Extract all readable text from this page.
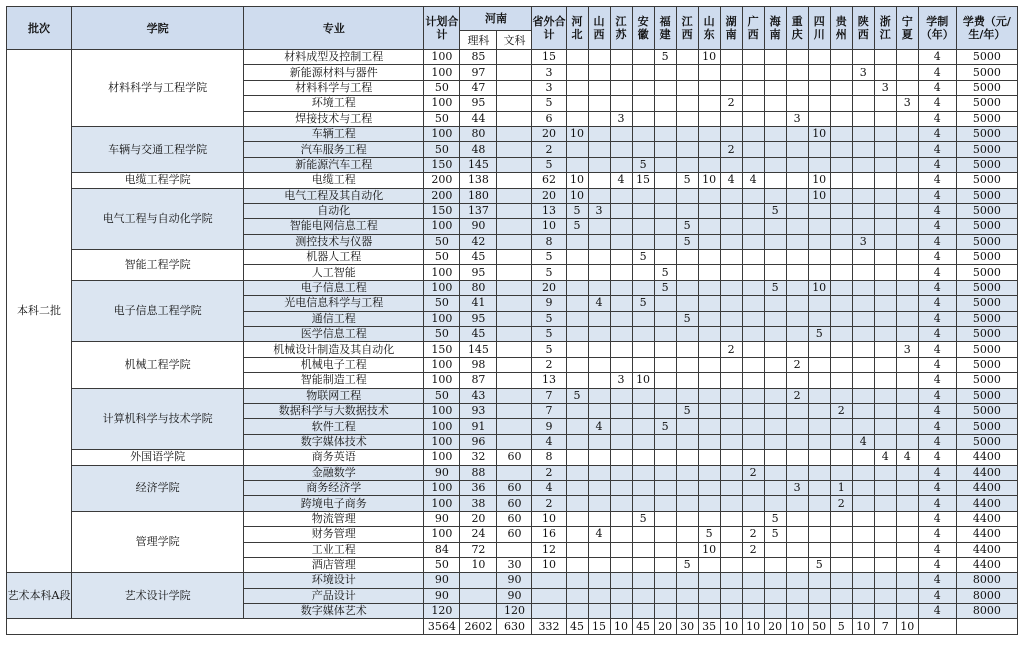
批次	学院	专业	计划合计	河南		省外合计	河北	山西	江苏	安徽	福建	江西	山东	湖南	广西	海南	重庆	四川	贵州	陕西	浙江	宁夏	学制（年）	学费（元/生/年）
				理科	文科																			
本科二批	材料科学与工程学院	材料成型及控制工程	100	85		15					5		10										4	5000
		新能源材料与器件	100	97		3														3			4	5000
		材料科学与工程	50	47		3															3		4	5000
		环境工程	100	95		5								2								3	4	5000
		焊接技术与工程	50	44		6			3								3						4	5000
	车辆与交通工程学院	车辆工程	100	80		20	10											10					4	5000
		汽车服务工程	50	48		2								2									4	5000
		新能源汽车工程	150	145		5				5													4	5000
	电缆工程学院	电缆工程	200	138		62	10		4	15		5	10	4	4			10					4	5000
	电气工程与自动化学院	电气工程及其自动化	200	180		20	10											10					4	5000
		自动化	150	137		13	5	3								5							4	5000
		智能电网信息工程	100	90		10	5					5											4	5000
		测控技术与仪器	50	42		8						5								3			4	5000
	智能工程学院	机器人工程	50	45		5				5													4	5000
		人工智能	100	95		5					5												4	5000
	电子信息工程学院	电子信息工程	100	80		20					5					5		10					4	5000
		光电信息科学与工程	50	41		9		4		5													4	5000
		通信工程	100	95		5						5											4	5000
		医学信息工程	50	45		5												5					4	5000
	机械工程学院	机械设计制造及其自动化	150	145		5								2								3	4	5000
		机械电子工程	100	98		2											2						4	5000
		智能制造工程	100	87		13			3	10													4	5000
	计算机科学与技术学院	物联网工程	50	43		7	5										2						4	5000
		数据科学与大数据技术	100	93		7						5							2				4	5000
		软件工程	100	91		9		4			5												4	5000
		数字媒体技术	100	96		4														4			4	5000
	外国语学院	商务英语	100	32	60	8															4	4	4	4400
	经济学院	金融数学	90	88		2									2								4	4400
		商务经济学	100	36	60	4											3		1				4	4400
		跨境电子商务	100	38	60	2													2				4	4400
	管理学院	物流管理	90	20	60	10				5						5							4	4400
		财务管理	100	24	60	16		4					5		2	5							4	4400
		工业工程	84	72		12							10		2								4	4400
		酒店管理	50	10	30	10						5						5					4	4400
艺术本科A段	艺术设计学院	环境设计	90		90																		4	8000
		产品设计	90		90																		4	8000
		数字媒体艺术	120		120																		4	8000
			3564	2602	630	332	45	15	10	45	20	30	35	10	10	20	10	50	5	10	7	10		
